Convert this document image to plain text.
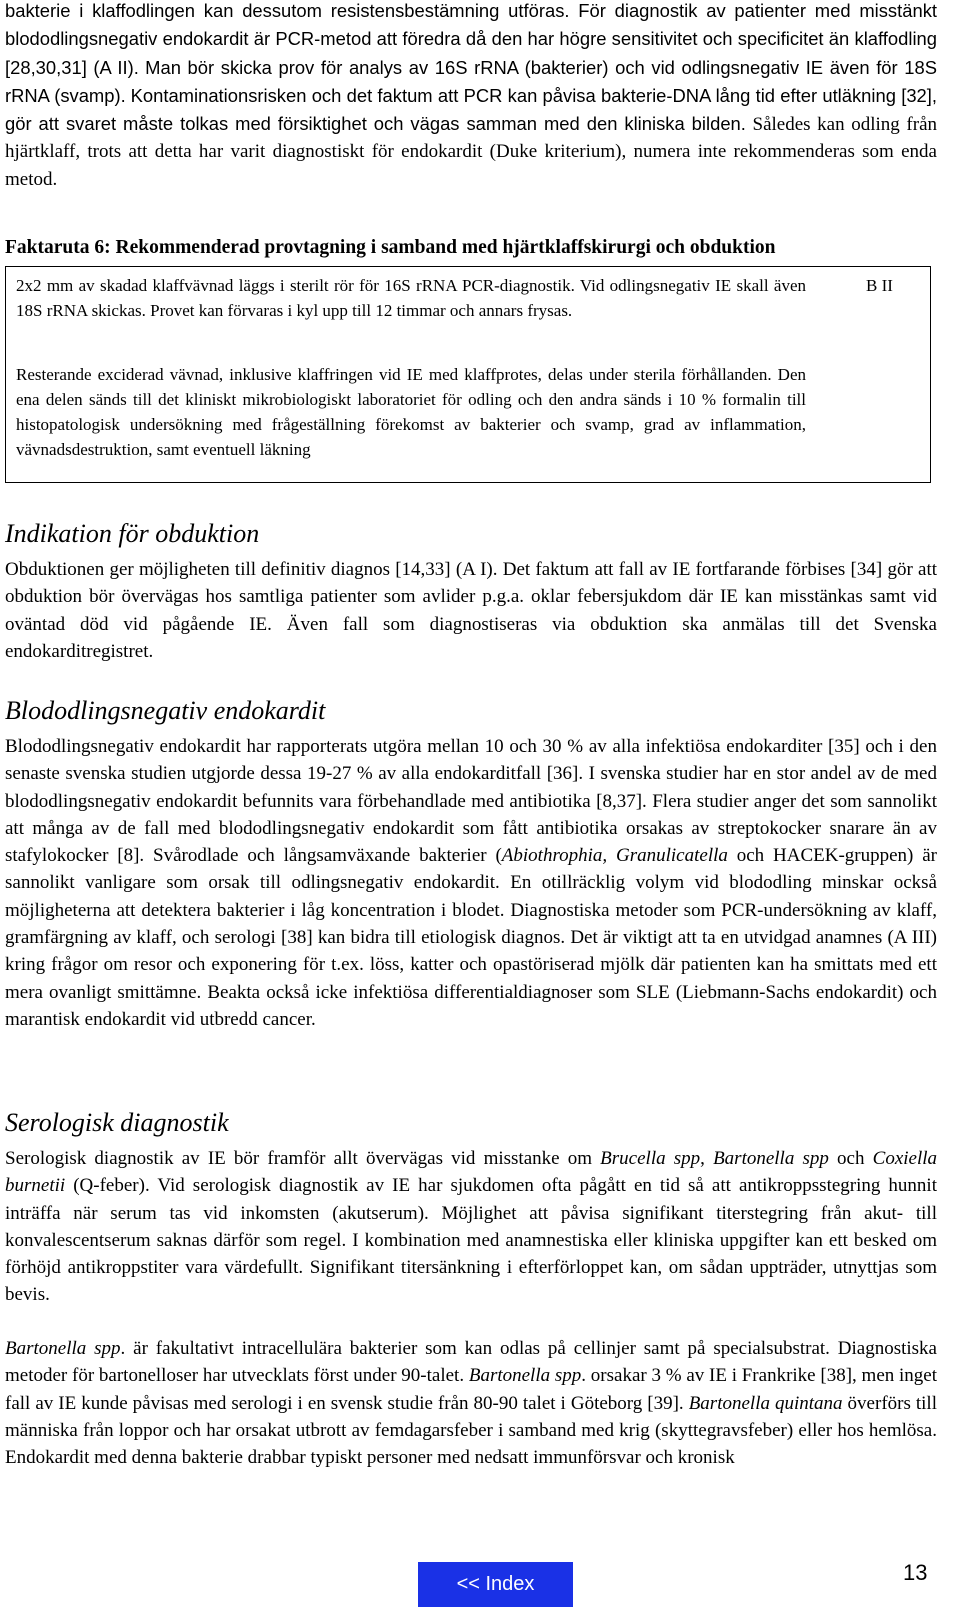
bakterie i klaffodlingen kan dessutom resistensbestämning utföras. För diagnostik av patienter med misstänkt blododlingsnegativ endokardit är PCR-metod att föredra då den har högre sensitivitet och specificitet än klaffodling [28,30,31] (A II). Man bör skicka prov för analys av 16S rRNA (bakterier) och vid odlingsnegativ IE även för 18S rRNA (svamp). Kontaminationsrisken och det faktum att PCR kan påvisa bakterie-DNA lång tid efter utläkning [32], gör att svaret måste tolkas med försiktighet och vägas samman med den kliniska bilden. Således kan odling från hjärtklaff, trots att detta har varit diagnostiskt för endokardit (Duke kriterium), numera inte rekommenderas som enda metod.

Faktaruta 6: Rekommenderad provtagning i samband med hjärtklaffskirurgi och obduktion
2x2 mm av skadad klaffvävnad läggs i sterilt rör för 16S rRNA PCR-diagnostik. Vid odlingsnegativ IE skall även 18S rRNA skickas. Provet kan förvaras i kyl upp till 12 timmar och annars frysas.
Resterande exciderad vävnad, inklusive klaffringen vid IE med klaffprotes, delas under sterila förhållanden. Den ena delen sänds till det kliniskt mikrobiologiskt laboratoriet för odling och den andra sänds i 10 % formalin till histopatologisk undersökning med frågeställning förekomst av bakterier och svamp, grad av inflammation, vävnadsdestruktion, samt eventuell läkning
B II
Indikation för obduktion

Obduktionen ger möjligheten till definitiv diagnos [14,33] (A I). Det faktum att fall av IE fortfarande förbises [34] gör att obduktion bör övervägas hos samtliga patienter som avlider p.g.a. oklar febersjukdom där IE kan misstänkas samt vid oväntad död vid pågående IE. Även fall som diagnostiseras via obduktion ska anmälas till det Svenska endokarditregistret.

Blododlingsnegativ endokardit

Blododlingsnegativ endokardit har rapporterats utgöra mellan 10 och 30 % av alla infektiösa endokarditer [35] och i den senaste svenska studien utgjorde dessa 19-27 % av alla endokarditfall [36]. I svenska studier har en stor andel av de med blododlingsnegativ endokardit befunnits vara förbehandlade med antibiotika [8,37]. Flera studier anger det som sannolikt att många av de fall med blododlingsnegativ endokardit som fått antibiotika orsakas av streptokocker snarare än av stafylokocker [8]. Svårodlade och långsamväxande bakterier (Abiothrophia, Granulicatella och HACEK-gruppen) är sannolikt vanligare som orsak till odlingsnegativ endokardit. En otillräcklig volym vid blododling minskar också möjligheterna att detektera bakterier i låg koncentration i blodet. Diagnostiska metoder som PCR-undersökning av klaff, gramfärgning av klaff, och serologi [38] kan bidra till etiologisk diagnos. Det är viktigt att ta en utvidgad anamnes (A III) kring frågor om resor och exponering för t.ex. löss, katter och opastöriserad mjölk där patienten kan ha smittats med ett mera ovanligt smittämne. Beakta också icke infektiösa differentialdiagnoser som SLE (Liebmann-Sachs endokardit) och marantisk endokardit vid utbredd cancer.

Serologisk diagnostik

Serologisk diagnostik av IE bör framför allt övervägas vid misstanke om Brucella spp, Bartonella spp och Coxiella burnetii (Q-feber). Vid serologisk diagnostik av IE har sjukdomen ofta pågått en tid så att antikroppsstegring hunnit inträffa när serum tas vid inkomsten (akutserum). Möjlighet att påvisa signifikant titerstegring från akut- till konvalescentserum saknas därför som regel. I kombination med anamnestiska eller kliniska uppgifter kan ett besked om förhöjd antikroppstiter vara värdefullt. Signifikant titersänkning i efterförloppet kan, om sådan uppträder, utnyttjas som bevis.

Bartonella spp. är fakultativt intracellulära bakterier som kan odlas på cellinjer samt på specialsubstrat. Diagnostiska metoder för bartonelloser har utvecklats först under 90-talet. Bartonella spp. orsakar 3 % av IE i Frankrike [38], men inget fall av IE kunde påvisas med serologi i en svensk studie från 80-90 talet i Göteborg [39]. Bartonella quintana överförs till människa från loppor och har orsakat utbrott av femdagarsfeber i samband med krig (skyttegravsfeber) eller hos hemlösa. Endokardit med denna bakterie drabbar typiskt personer med nedsatt immunförsvar och kronisk

<< Index	13
